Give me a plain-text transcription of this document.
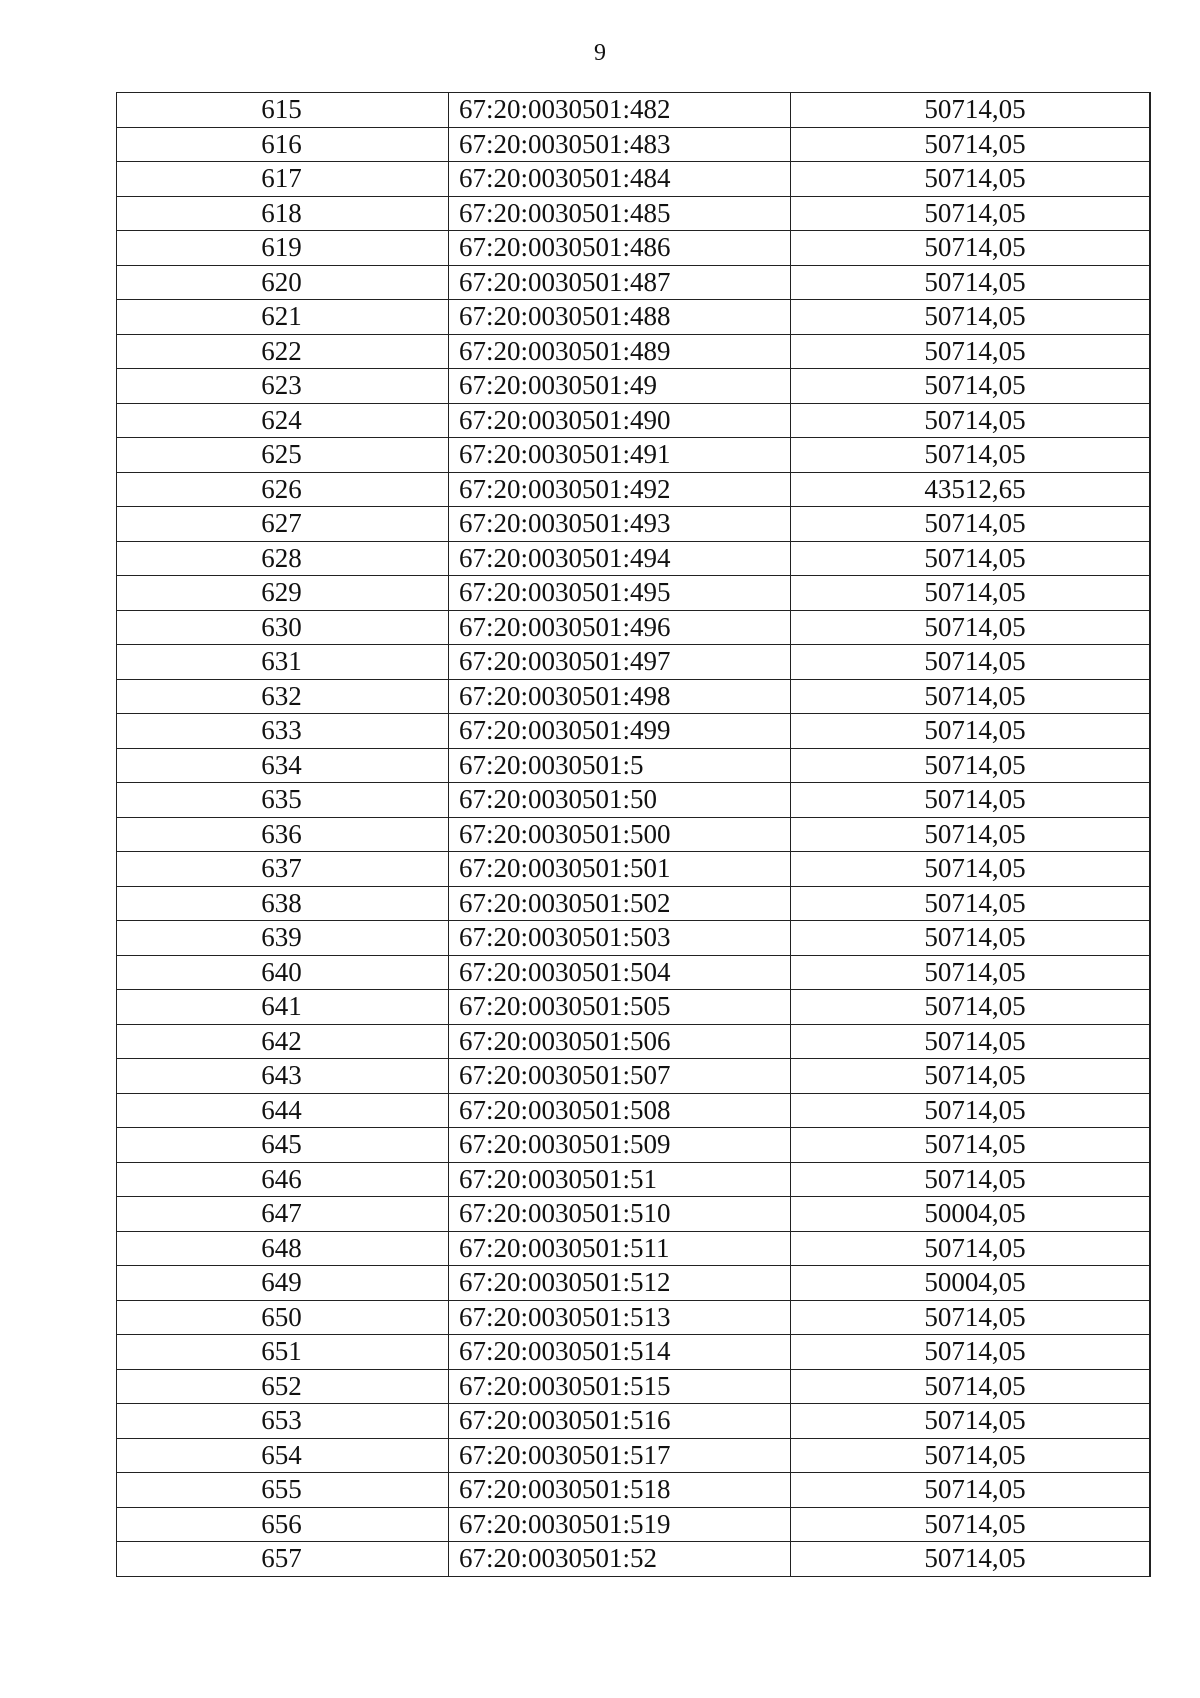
9
615	67:20:0030501:482	50714,05
616	67:20:0030501:483	50714,05
617	67:20:0030501:484	50714,05
618	67:20:0030501:485	50714,05
619	67:20:0030501:486	50714,05
620	67:20:0030501:487	50714,05
621	67:20:0030501:488	50714,05
622	67:20:0030501:489	50714,05
623	67:20:0030501:49	50714,05
624	67:20:0030501:490	50714,05
625	67:20:0030501:491	50714,05
626	67:20:0030501:492	43512,65
627	67:20:0030501:493	50714,05
628	67:20:0030501:494	50714,05
629	67:20:0030501:495	50714,05
630	67:20:0030501:496	50714,05
631	67:20:0030501:497	50714,05
632	67:20:0030501:498	50714,05
633	67:20:0030501:499	50714,05
634	67:20:0030501:5	50714,05
635	67:20:0030501:50	50714,05
636	67:20:0030501:500	50714,05
637	67:20:0030501:501	50714,05
638	67:20:0030501:502	50714,05
639	67:20:0030501:503	50714,05
640	67:20:0030501:504	50714,05
641	67:20:0030501:505	50714,05
642	67:20:0030501:506	50714,05
643	67:20:0030501:507	50714,05
644	67:20:0030501:508	50714,05
645	67:20:0030501:509	50714,05
646	67:20:0030501:51	50714,05
647	67:20:0030501:510	50004,05
648	67:20:0030501:511	50714,05
649	67:20:0030501:512	50004,05
650	67:20:0030501:513	50714,05
651	67:20:0030501:514	50714,05
652	67:20:0030501:515	50714,05
653	67:20:0030501:516	50714,05
654	67:20:0030501:517	50714,05
655	67:20:0030501:518	50714,05
656	67:20:0030501:519	50714,05
657	67:20:0030501:52	50714,05
